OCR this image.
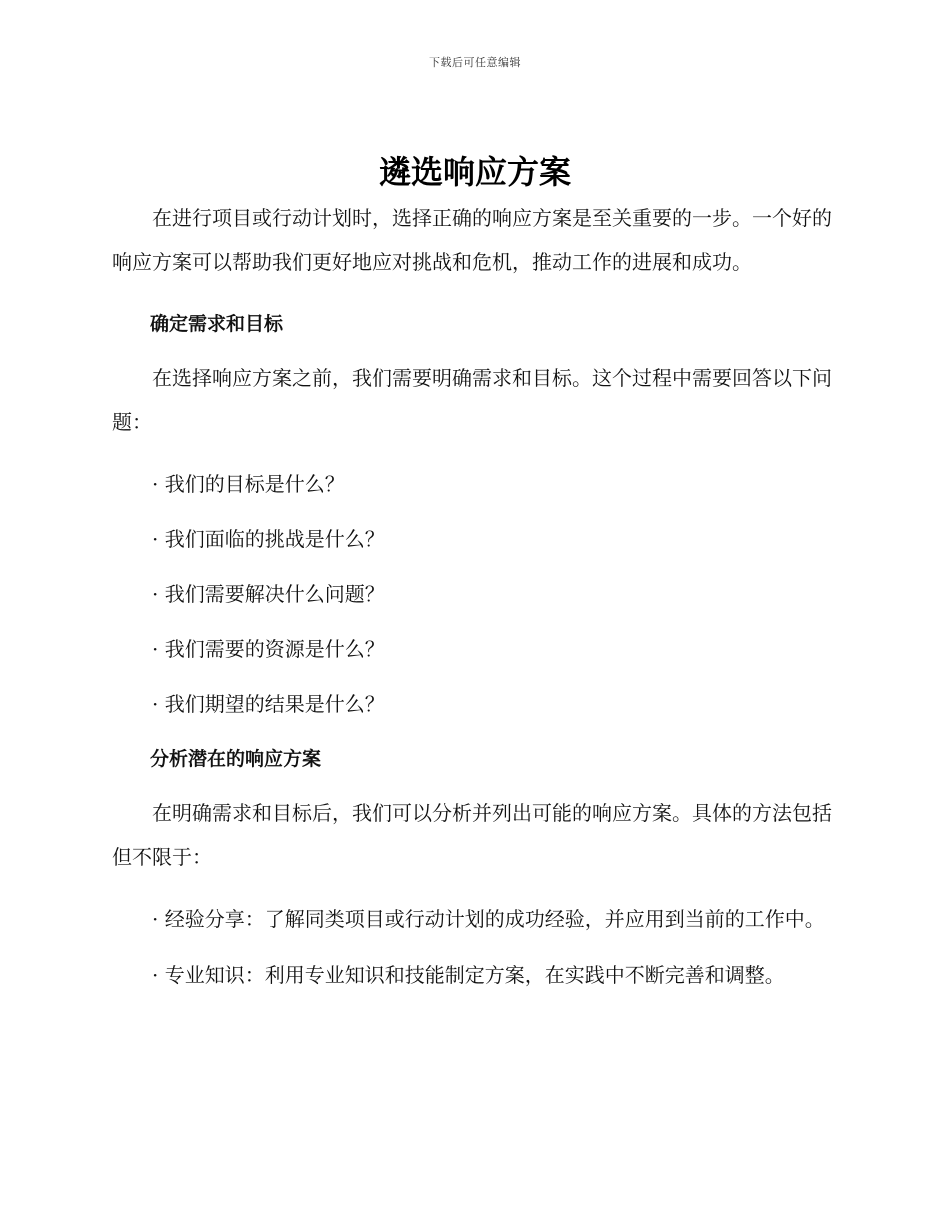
下载后可任意编辑
遴选响应方案

在进行项目或行动计划时，选择正确的响应方案是至关重要的一步。一个好的响应方案可以帮助我们更好地应对挑战和危机，推动工作的进展和成功。

确定需求和目标

在选择响应方案之前，我们需要明确需求和目标。这个过程中需要回答以下问题：

· 我们的目标是什么？
· 我们面临的挑战是什么？
· 我们需要解决什么问题？
· 我们需要的资源是什么？
· 我们期望的结果是什么？
分析潜在的响应方案

在明确需求和目标后，我们可以分析并列出可能的响应方案。具体的方法包括但不限于：

· 经验分享：了解同类项目或行动计划的成功经验，并应用到当前的工作中。
· 专业知识：利用专业知识和技能制定方案，在实践中不断完善和调整。
